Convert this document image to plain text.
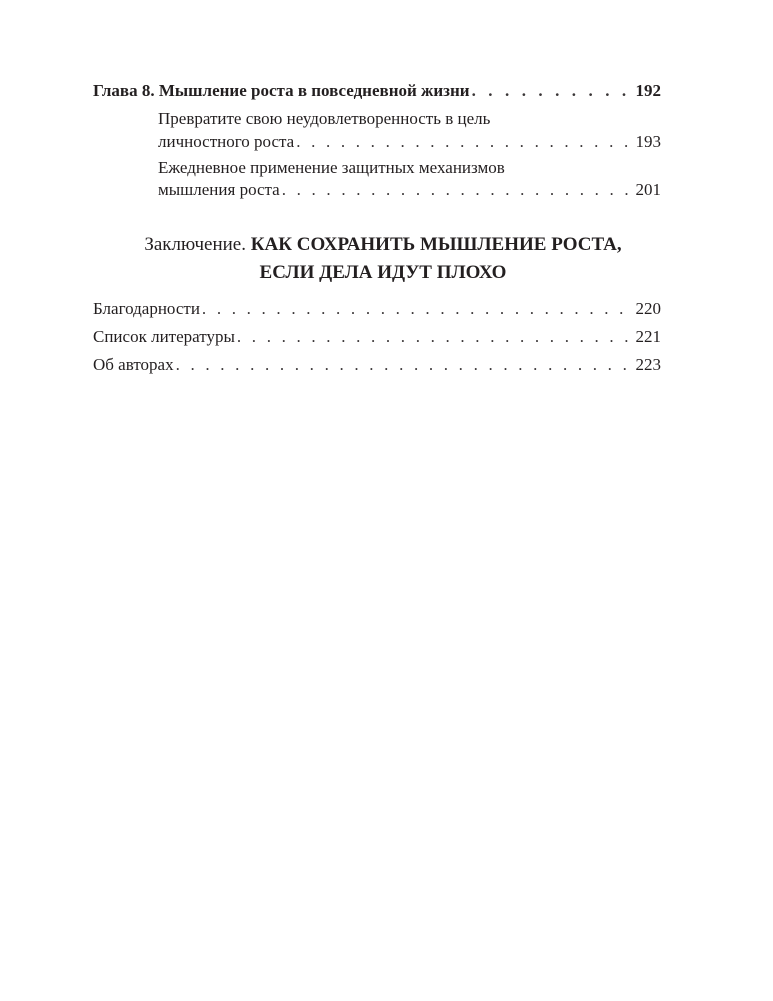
Глава 8. Мышление роста в повседневной жизни . . .	192
Превратите свою неудовлетворенность в цель
личностного роста . . .	193
Ежедневное применение защитных механизмов
мышления роста . . .	201
Заключение. КАК СОХРАНИТЬ МЫШЛЕНИЕ РОСТА,
ЕСЛИ ДЕЛА ИДУТ ПЛОХО
Благодарности . . .	220
Список литературы . . .	221
Об авторах . . .	223
